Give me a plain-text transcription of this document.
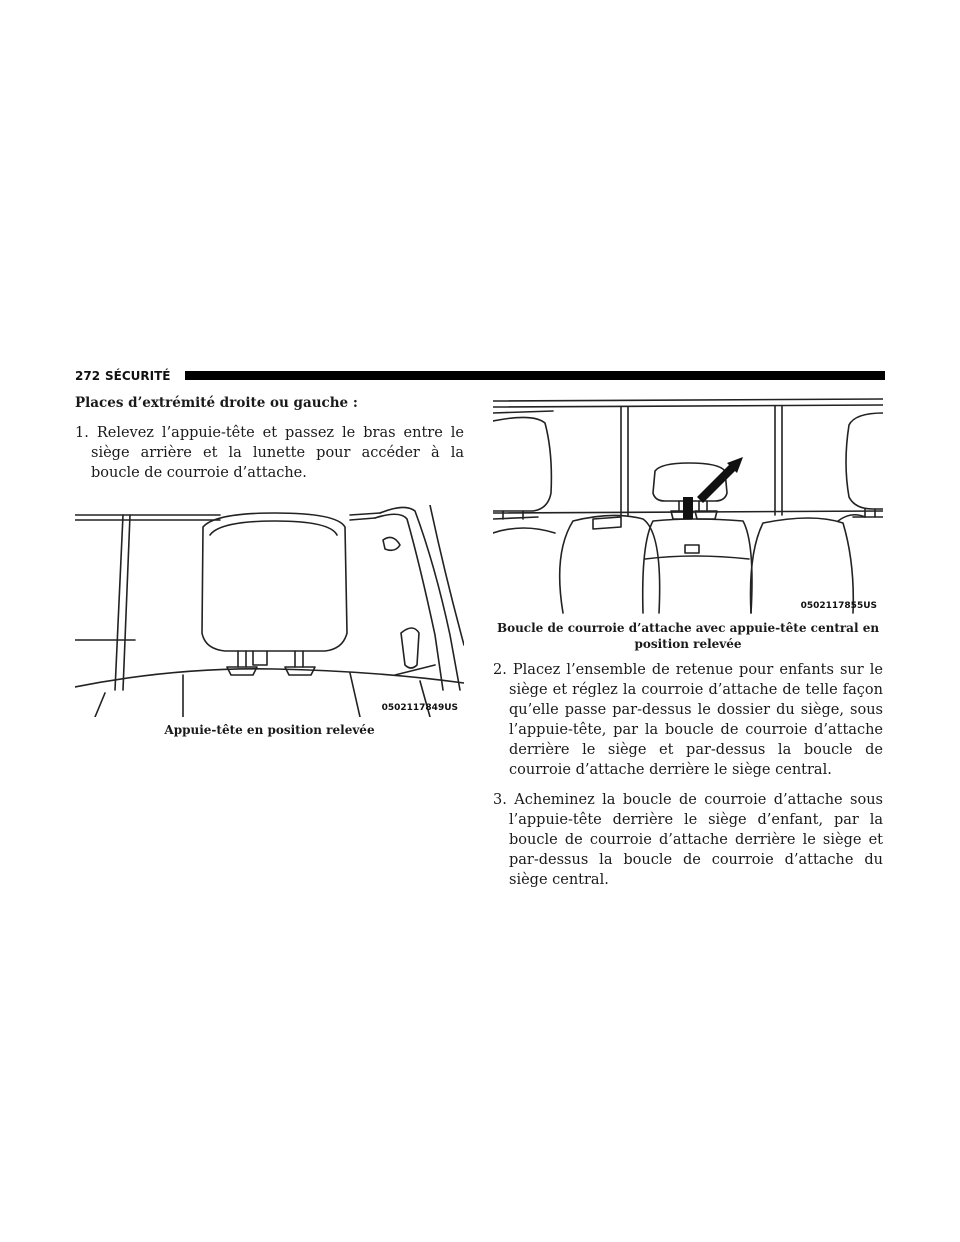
272 SÉCURITÉ

Places d’extrémité droite ou gauche :

1. Relevez l’appuie-tête et passez le bras entre le siège arrière et la lunette pour accéder à la boucle de courroie d’attache.

0502117849US

Appuie-tête en position relevée

0502117855US

Boucle de courroie d’attache avec appuie-tête central en position relevée

2. Placez l’ensemble de retenue pour enfants sur le siège et réglez la courroie d’attache de telle façon qu’elle passe par-dessus le dossier du siège, sous l’appuie-tête, par la boucle de courroie d’attache derrière le siège et par-dessus la boucle de courroie d’attache derrière le siège central.

3. Acheminez la boucle de courroie d’attache sous l’appuie-tête derrière le siège d’enfant, par la boucle de courroie d’attache derrière le siège et par-dessus la boucle de courroie d’attache du siège central.
